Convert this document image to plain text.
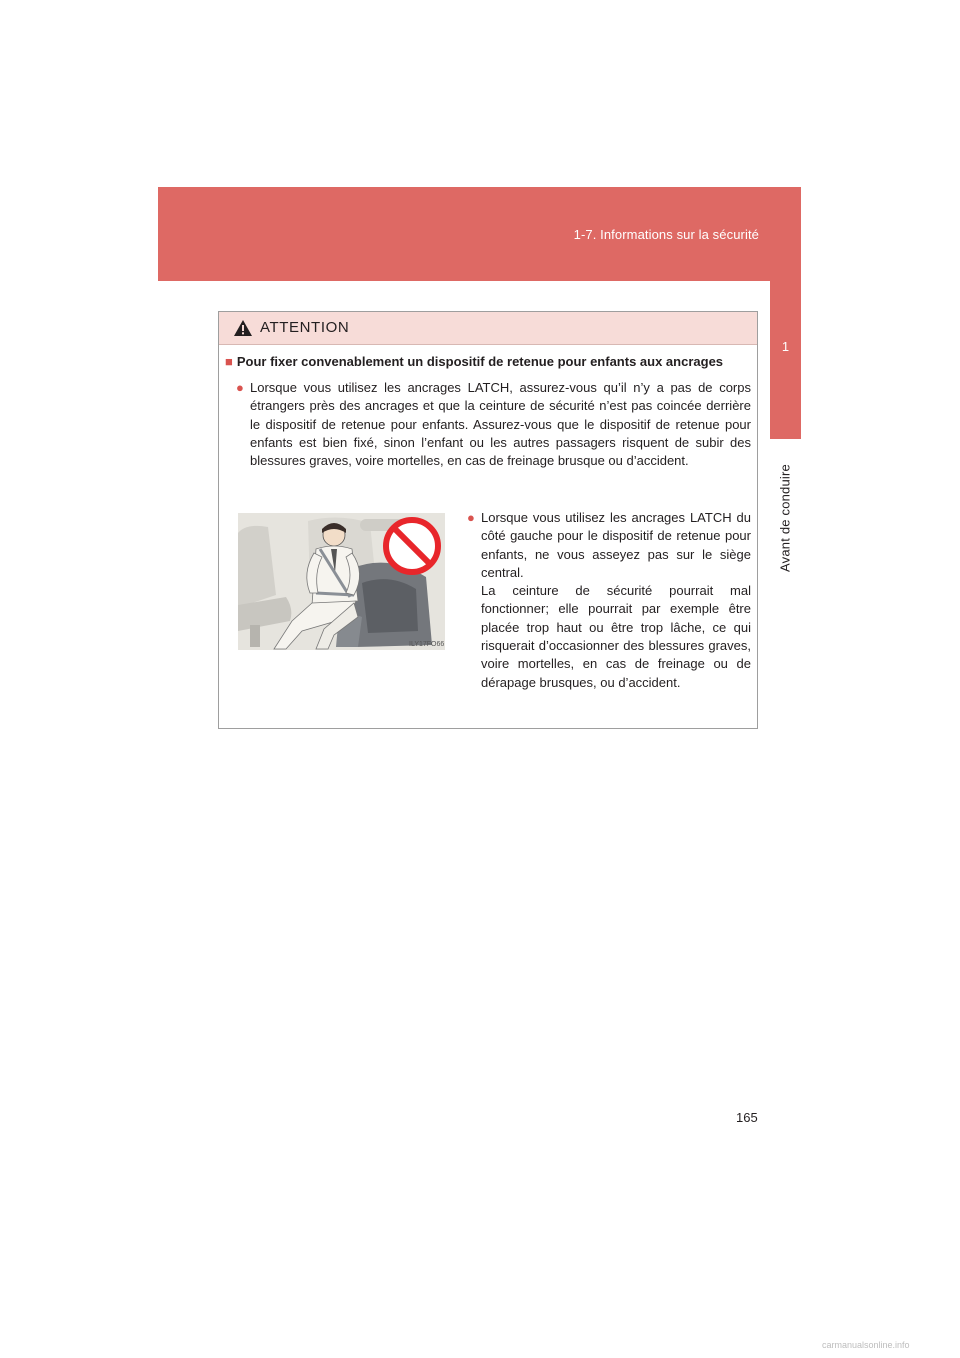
1-7. Informations sur la sécurité
1
Avant de conduire
ATTENTION
■ Pour fixer convenablement un dispositif de retenue pour enfants aux ancrages
● Lorsque vous utilisez les ancrages LATCH, assurez-vous qu’il n’y a pas de corps étrangers près des ancrages et que la ceinture de sécurité n’est pas coincée derrière le dispositif de retenue pour enfants. Assurez-vous que le dispositif de retenue pour enfants est bien fixé, sinon l’enfant ou les autres passagers risquent de subir des blessures graves, voire mortelles, en cas de freinage brusque ou d’accident.
ILY17FO66
● Lorsque vous utilisez les ancrages LATCH du côté gauche pour le dispositif de retenue pour enfants, ne vous asseyez pas sur le siège central.
La ceinture de sécurité pourrait mal fonctionner; elle pourrait par exemple être placée trop haut ou être trop lâche, ce qui risquerait d’occasionner des blessures graves, voire mortelles, en cas de freinage ou de dérapage brusques, ou d’accident.
165
carmanualsonline.info
